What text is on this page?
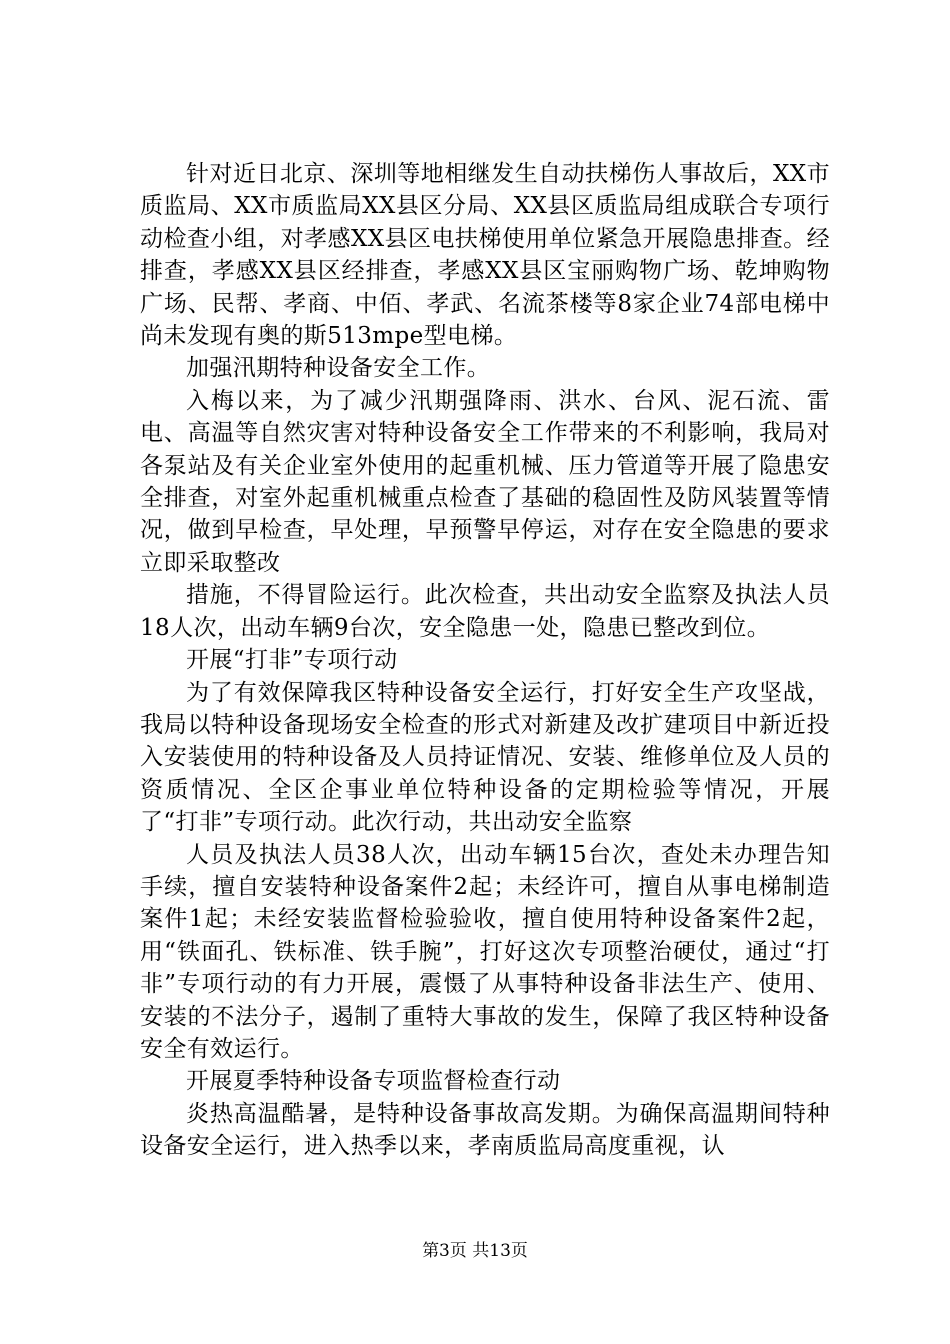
针对近日北京、深圳等地相继发生自动扶梯伤人事故后，XX市质监局、XX市质监局XX县区分局、XX县区质监局组成联合专项行动检查小组，对孝感XX县区电扶梯使用单位紧急开展隐患排查。经排查，孝感XX县区经排查，孝感XX县区宝丽购物广场、乾坤购物广场、民帮、孝商、中佰、孝武、名流茶楼等8家企业74部电梯中尚未发现有奥的斯513mpe型电梯。

加强汛期特种设备安全工作。

入梅以来，为了减少汛期强降雨、洪水、台风、泥石流、雷电、高温等自然灾害对特种设备安全工作带来的不利影响，我局对各泵站及有关企业室外使用的起重机械、压力管道等开展了隐患安全排查，对室外起重机械重点检查了基础的稳固性及防风装置等情况，做到早检查，早处理，早预警早停运，对存在安全隐患的要求立即采取整改

措施，不得冒险运行。此次检查，共出动安全监察及执法人员18人次，出动车辆9台次，安全隐患一处，隐患已整改到位。

开展“打非”专项行动

为了有效保障我区特种设备安全运行，打好安全生产攻坚战，我局以特种设备现场安全检查的形式对新建及改扩建项目中新近投入安装使用的特种设备及人员持证情况、安装、维修单位及人员的资质情况、全区企事业单位特种设备的定期检验等情况，开展了“打非”专项行动。此次行动，共出动安全监察

人员及执法人员38人次，出动车辆15台次，查处未办理告知手续，擅自安装特种设备案件2起；未经许可，擅自从事电梯制造案件1起；未经安装监督检验验收，擅自使用特种设备案件2起，用“铁面孔、铁标准、铁手腕”，打好这次专项整治硬仗，通过“打非”专项行动的有力开展，震慑了从事特种设备非法生产、使用、安装的不法分子，遏制了重特大事故的发生，保障了我区特种设备安全有效运行。

开展夏季特种设备专项监督检查行动

炎热高温酷暑，是特种设备事故高发期。为确保高温期间特种设备安全运行，进入热季以来，孝南质监局高度重视，认

第3页 共13页
